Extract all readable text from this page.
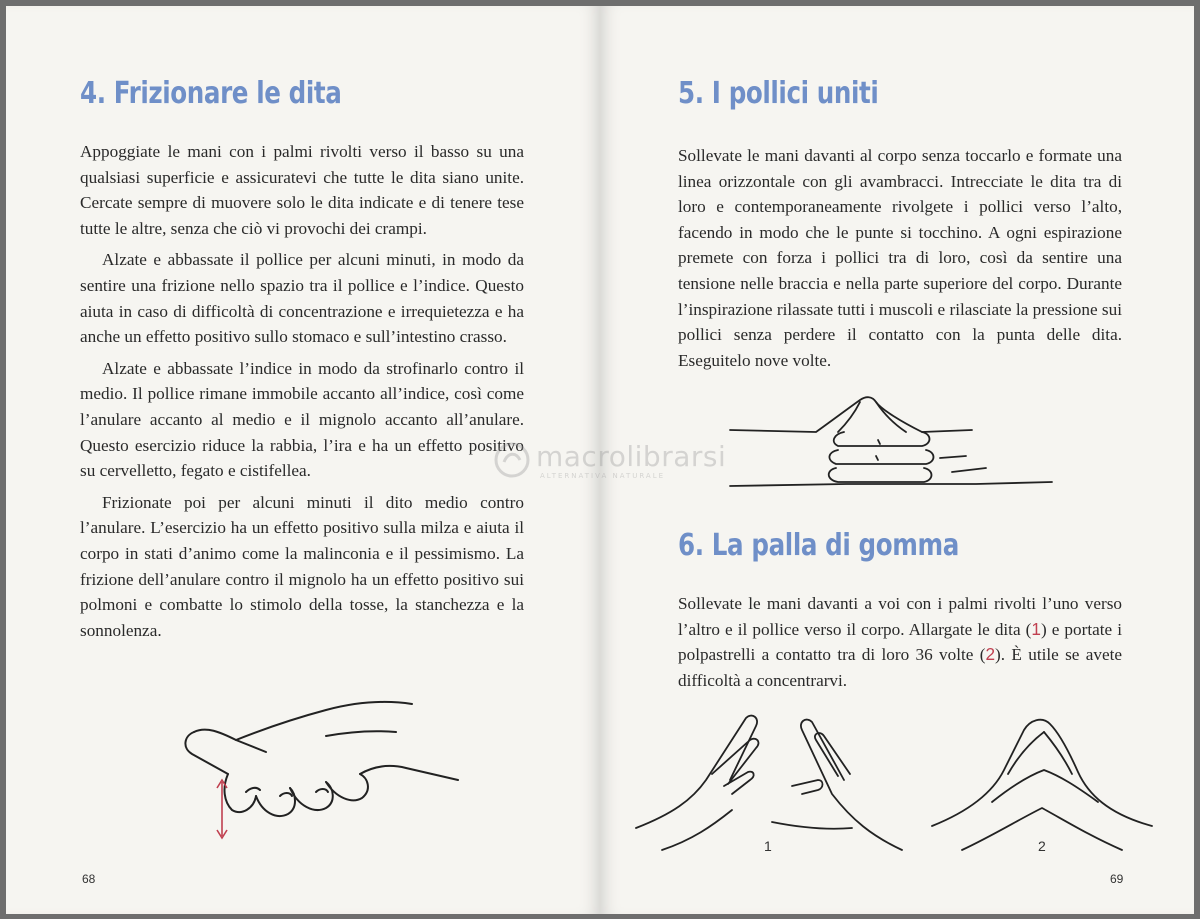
4. Frizionare le dita

Appoggiate le mani con i palmi rivolti verso il basso su una qualsiasi superficie e assicuratevi che tutte le dita siano unite. Cercate sempre di muovere solo le dita indicate e di tenere tese tutte le altre, senza che ciò vi provochi dei crampi.

Alzate e abbassate il pollice per alcuni minuti, in modo da sentire una frizione nello spazio tra il pollice e l’indice. Questo aiuta in caso di difficoltà di concentrazione e irrequietezza e ha anche un effetto positivo sullo stomaco e sull’intestino crasso.

Alzate e abbassate l’indice in modo da strofinarlo contro il medio. Il pollice rimane immobile accanto all’indice, così come l’anulare accanto al medio e il mignolo accanto all’anulare. Questo esercizio riduce la rabbia, l’ira e ha un effetto positivo su cervelletto, fegato e cistifellea.

Frizionate poi per alcuni minuti il dito medio contro l’anulare. L’esercizio ha un effetto positivo sulla milza e aiuta il corpo in stati d’animo come la malinconia e il pessimismo. La frizione dell’anulare contro il mignolo ha un effetto positivo sui polmoni e combatte lo stimolo della tosse, la stanchezza e la sonnolenza.

68
5. I pollici uniti

Sollevate le mani davanti al corpo senza toccarlo e formate una linea orizzontale con gli avambracci. Intrecciate le dita tra di loro e contemporaneamente rivolgete i pollici verso l’alto, facendo in modo che le punte si tocchino. A ogni espirazione premete con forza i pollici tra di loro, così da sentire una tensione nelle braccia e nella parte superiore del corpo. Durante l’inspirazione rilassate tutti i muscoli e rilasciate la pressione sui pollici senza perdere il contatto con la punta delle dita. Eseguitelo nove volte.

6. La palla di gomma

Sollevate le mani davanti a voi con i palmi rivolti l’uno verso l’altro e il pollice verso il corpo. Allargate le dita (1) e portate i polpastrelli a contatto tra di loro 36 volte (2). È utile se avete difficoltà a concentrarvi.

1	2
69
macrolibrarsi
ALTERNATIVA NATURALE
